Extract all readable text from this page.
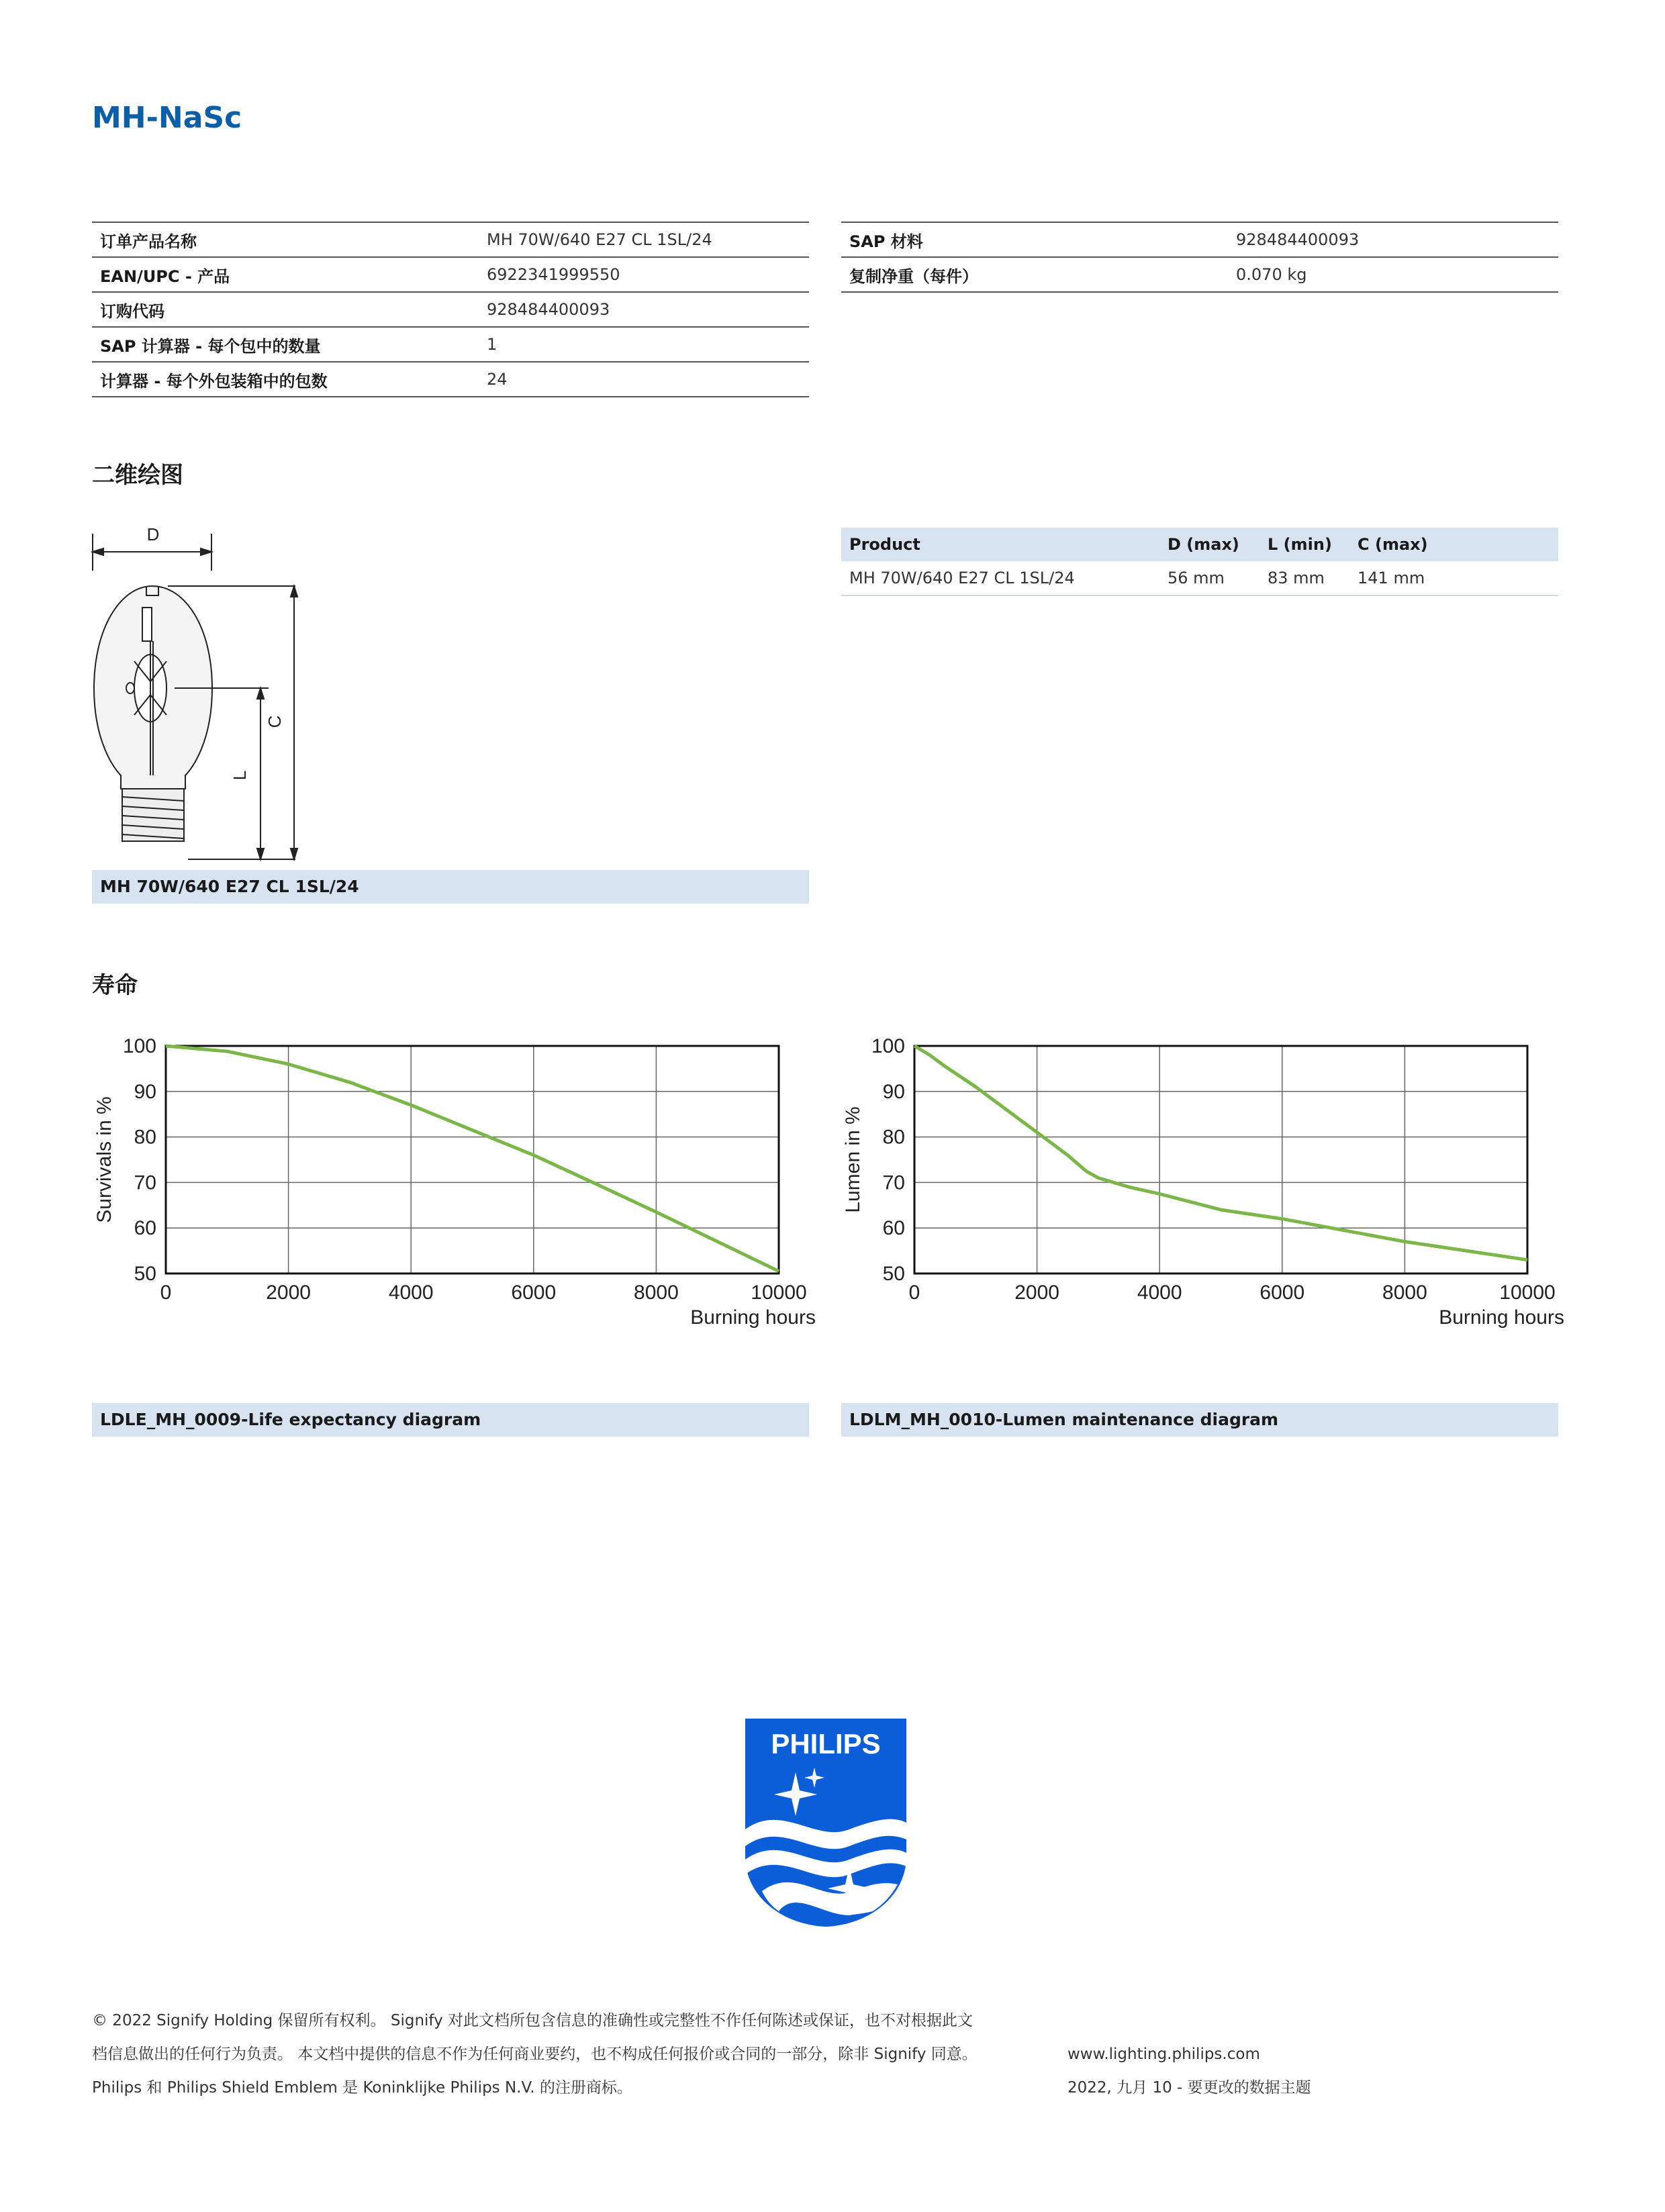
MH-NaSc
订单产品名称	MH 70W/640 E27 CL 1SL/24
EAN/UPC - 产品	6922341999550
订购代码	928484400093
SAP 计算器 - 每个包中的数量	1
计算器 - 每个外包装箱中的包数	24
SAP 材料	928484400093
复制净重（每件）	0.070 kg
二维绘图
D
L
C
MH 70W/640 E27 CL 1SL/24
Product	D (max)	L (min)	C (max)
MH 70W/640 E27 CL 1SL/24	56 mm	83 mm	141 mm
寿命
0	2000	4000	6000	8000	10000
50
60
70
80
90
100
Survivals in %
Burning hours
0	2000	4000	6000	8000	10000
50
60
70
80
90
100
Lumen in %
Burning hours
LDLE_MH_0009-Life expectancy diagram	LDLM_MH_0010-Lumen maintenance diagram
PHILIPS
© 2022 Signify Holding 保留所有权利。 Signify 对此文档所包含信息的准确性或完整性不作任何陈述或保证，也不对根据此文
档信息做出的任何行为负责。 本文档中提供的信息不作为任何商业要约，也不构成任何报价或合同的一部分，除非 Signify 同意。
Philips 和 Philips Shield Emblem 是 Koninklijke Philips N.V. 的注册商标。
www.lighting.philips.com
2022, 九月 10 - 要更改的数据主题
